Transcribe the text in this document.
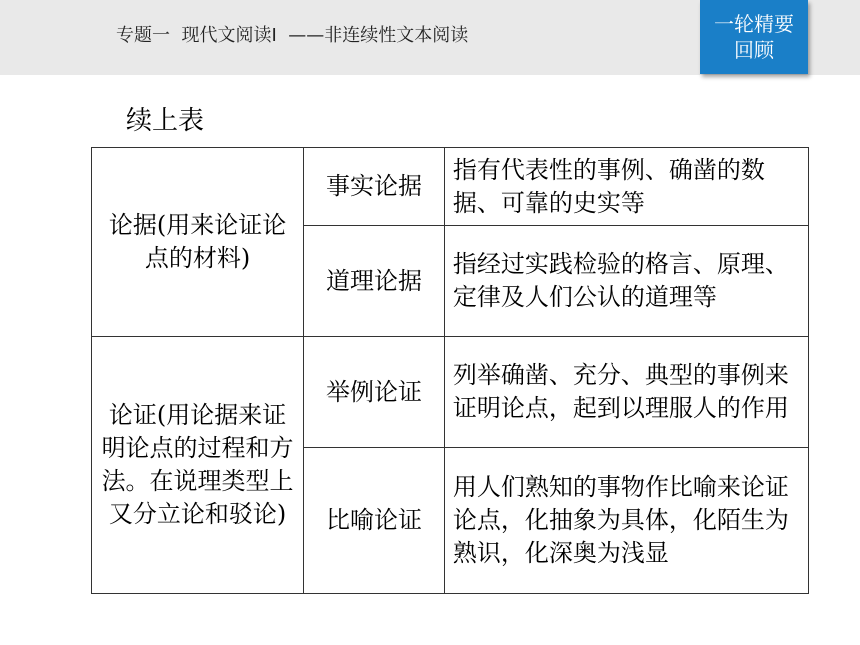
专题一  现代文阅读Ⅰ  ——非连续性文本阅读	一轮精要
回顾
续上表
论据(用来论证论点的材料)	事实论据	指有代表性的事例、确凿的数据、可靠的史实等

	道理论据	指经过实践检验的格言、原理、定律及人们公认的道理等

论证(用论据来证明论点的过程和方法。在说理类型上又分立论和驳论)	举例论证	列举确凿、充分、典型的事例来证明论点，起到以理服人的作用

	比喻论证	用人们熟知的事物作比喻来论证论点，化抽象为具体，化陌生为熟识，化深奥为浅显
